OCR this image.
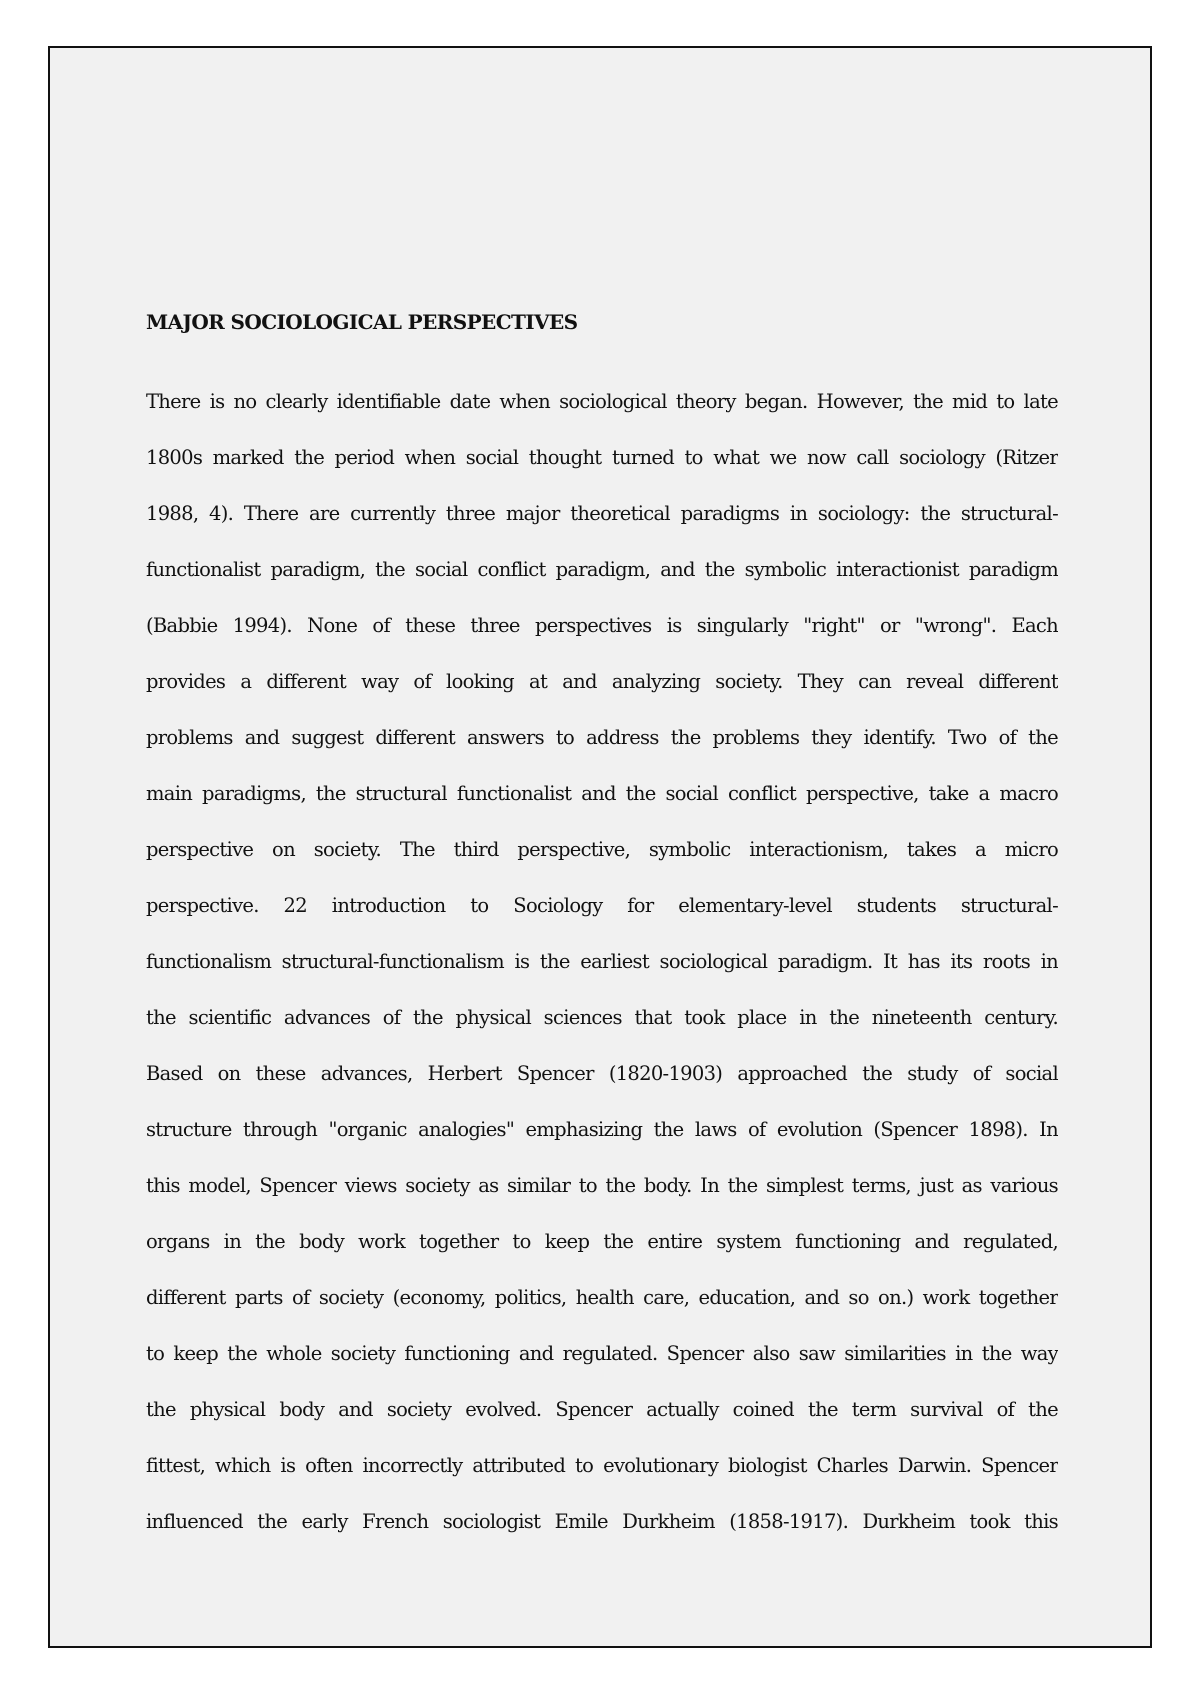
MAJOR SOCIOLOGICAL PERSPECTIVES
There is no clearly identifiable date when sociological theory began. However, the mid to late
1800s marked the period when social thought turned to what we now call sociology (Ritzer
1988, 4). There are currently three major theoretical paradigms in sociology: the structural-
functionalist paradigm, the social conflict paradigm, and the symbolic interactionist paradigm
(Babbie 1994). None of these three perspectives is singularly "right" or "wrong". Each
provides a different way of looking at and analyzing society. They can reveal different
problems and suggest different answers to address the problems they identify. Two of the
main paradigms, the structural functionalist and the social conflict perspective, take a macro
perspective on society. The third perspective, symbolic interactionism, takes a micro
perspective. 22 introduction to Sociology for elementary-level students structural-
functionalism structural-functionalism is the earliest sociological paradigm. It has its roots in
the scientific advances of the physical sciences that took place in the nineteenth century.
Based on these advances, Herbert Spencer (1820-1903) approached the study of social
structure through "organic analogies" emphasizing the laws of evolution (Spencer 1898). In
this model, Spencer views society as similar to the body. In the simplest terms, just as various
organs in the body work together to keep the entire system functioning and regulated,
different parts of society (economy, politics, health care, education, and so on.) work together
to keep the whole society functioning and regulated. Spencer also saw similarities in the way
the physical body and society evolved. Spencer actually coined the term survival of the
fittest, which is often incorrectly attributed to evolutionary biologist Charles Darwin. Spencer
influenced the early French sociologist Emile Durkheim (1858-1917). Durkheim took this
